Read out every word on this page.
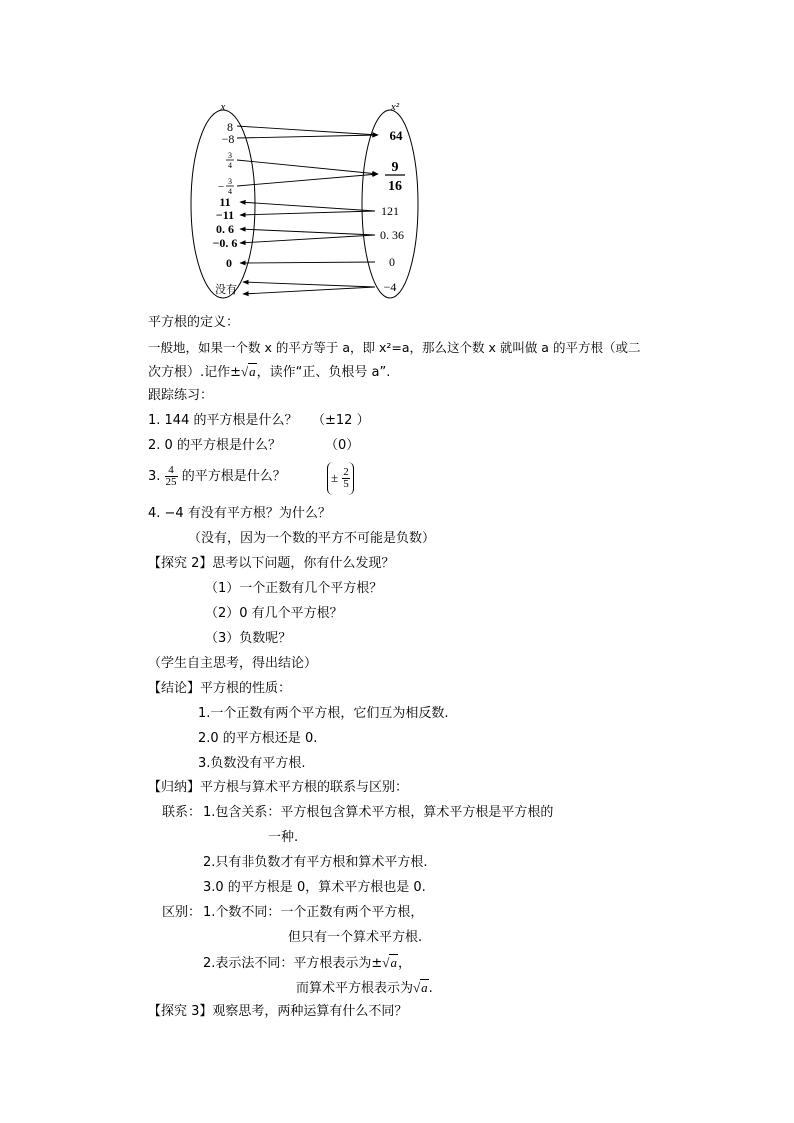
x	x²
8
−8
3
4
− 3
4
11
−11
0. 6
−0. 6
0
没有
64
9
16
121
0. 36
0
−4
平方根的定义：
一般地，如果一个数 x 的平方等于 a，即 x²=a，那么这个数 x 就叫做 a 的平方根（或二
次方根）.记作±√a，读作“正、负根号 a”.
跟踪练习：
1. 144 的平方根是什么？ （±12 ）
2. 0 的平方根是什么？	（0）
3. $\frac{4}{25}$ 的平方根是什么？	± $\frac{2}{5}$
4. −4 有没有平方根？为什么？
（没有，因为一个数的平方不可能是负数）
【探究 2】思考以下问题，你有什么发现？
（1）一个正数有几个平方根？
（2）0 有几个平方根？
（3）负数呢？
（学生自主思考，得出结论）
【结论】平方根的性质：
1.一个正数有两个平方根，它们互为相反数.
2.0 的平方根还是 0.
3.负数没有平方根.
【归纳】平方根与算术平方根的联系与区别：
联系： 1.包含关系：平方根包含算术平方根，算术平方根是平方根的
一种.
2.只有非负数才有平方根和算术平方根.
3.0 的平方根是 0，算术平方根也是 0.
区别： 1.个数不同：一个正数有两个平方根，
但只有一个算术平方根.
2.表示法不同：平方根表示为±√a，
而算术平方根表示为√a.
【探究 3】观察思考，两种运算有什么不同？
